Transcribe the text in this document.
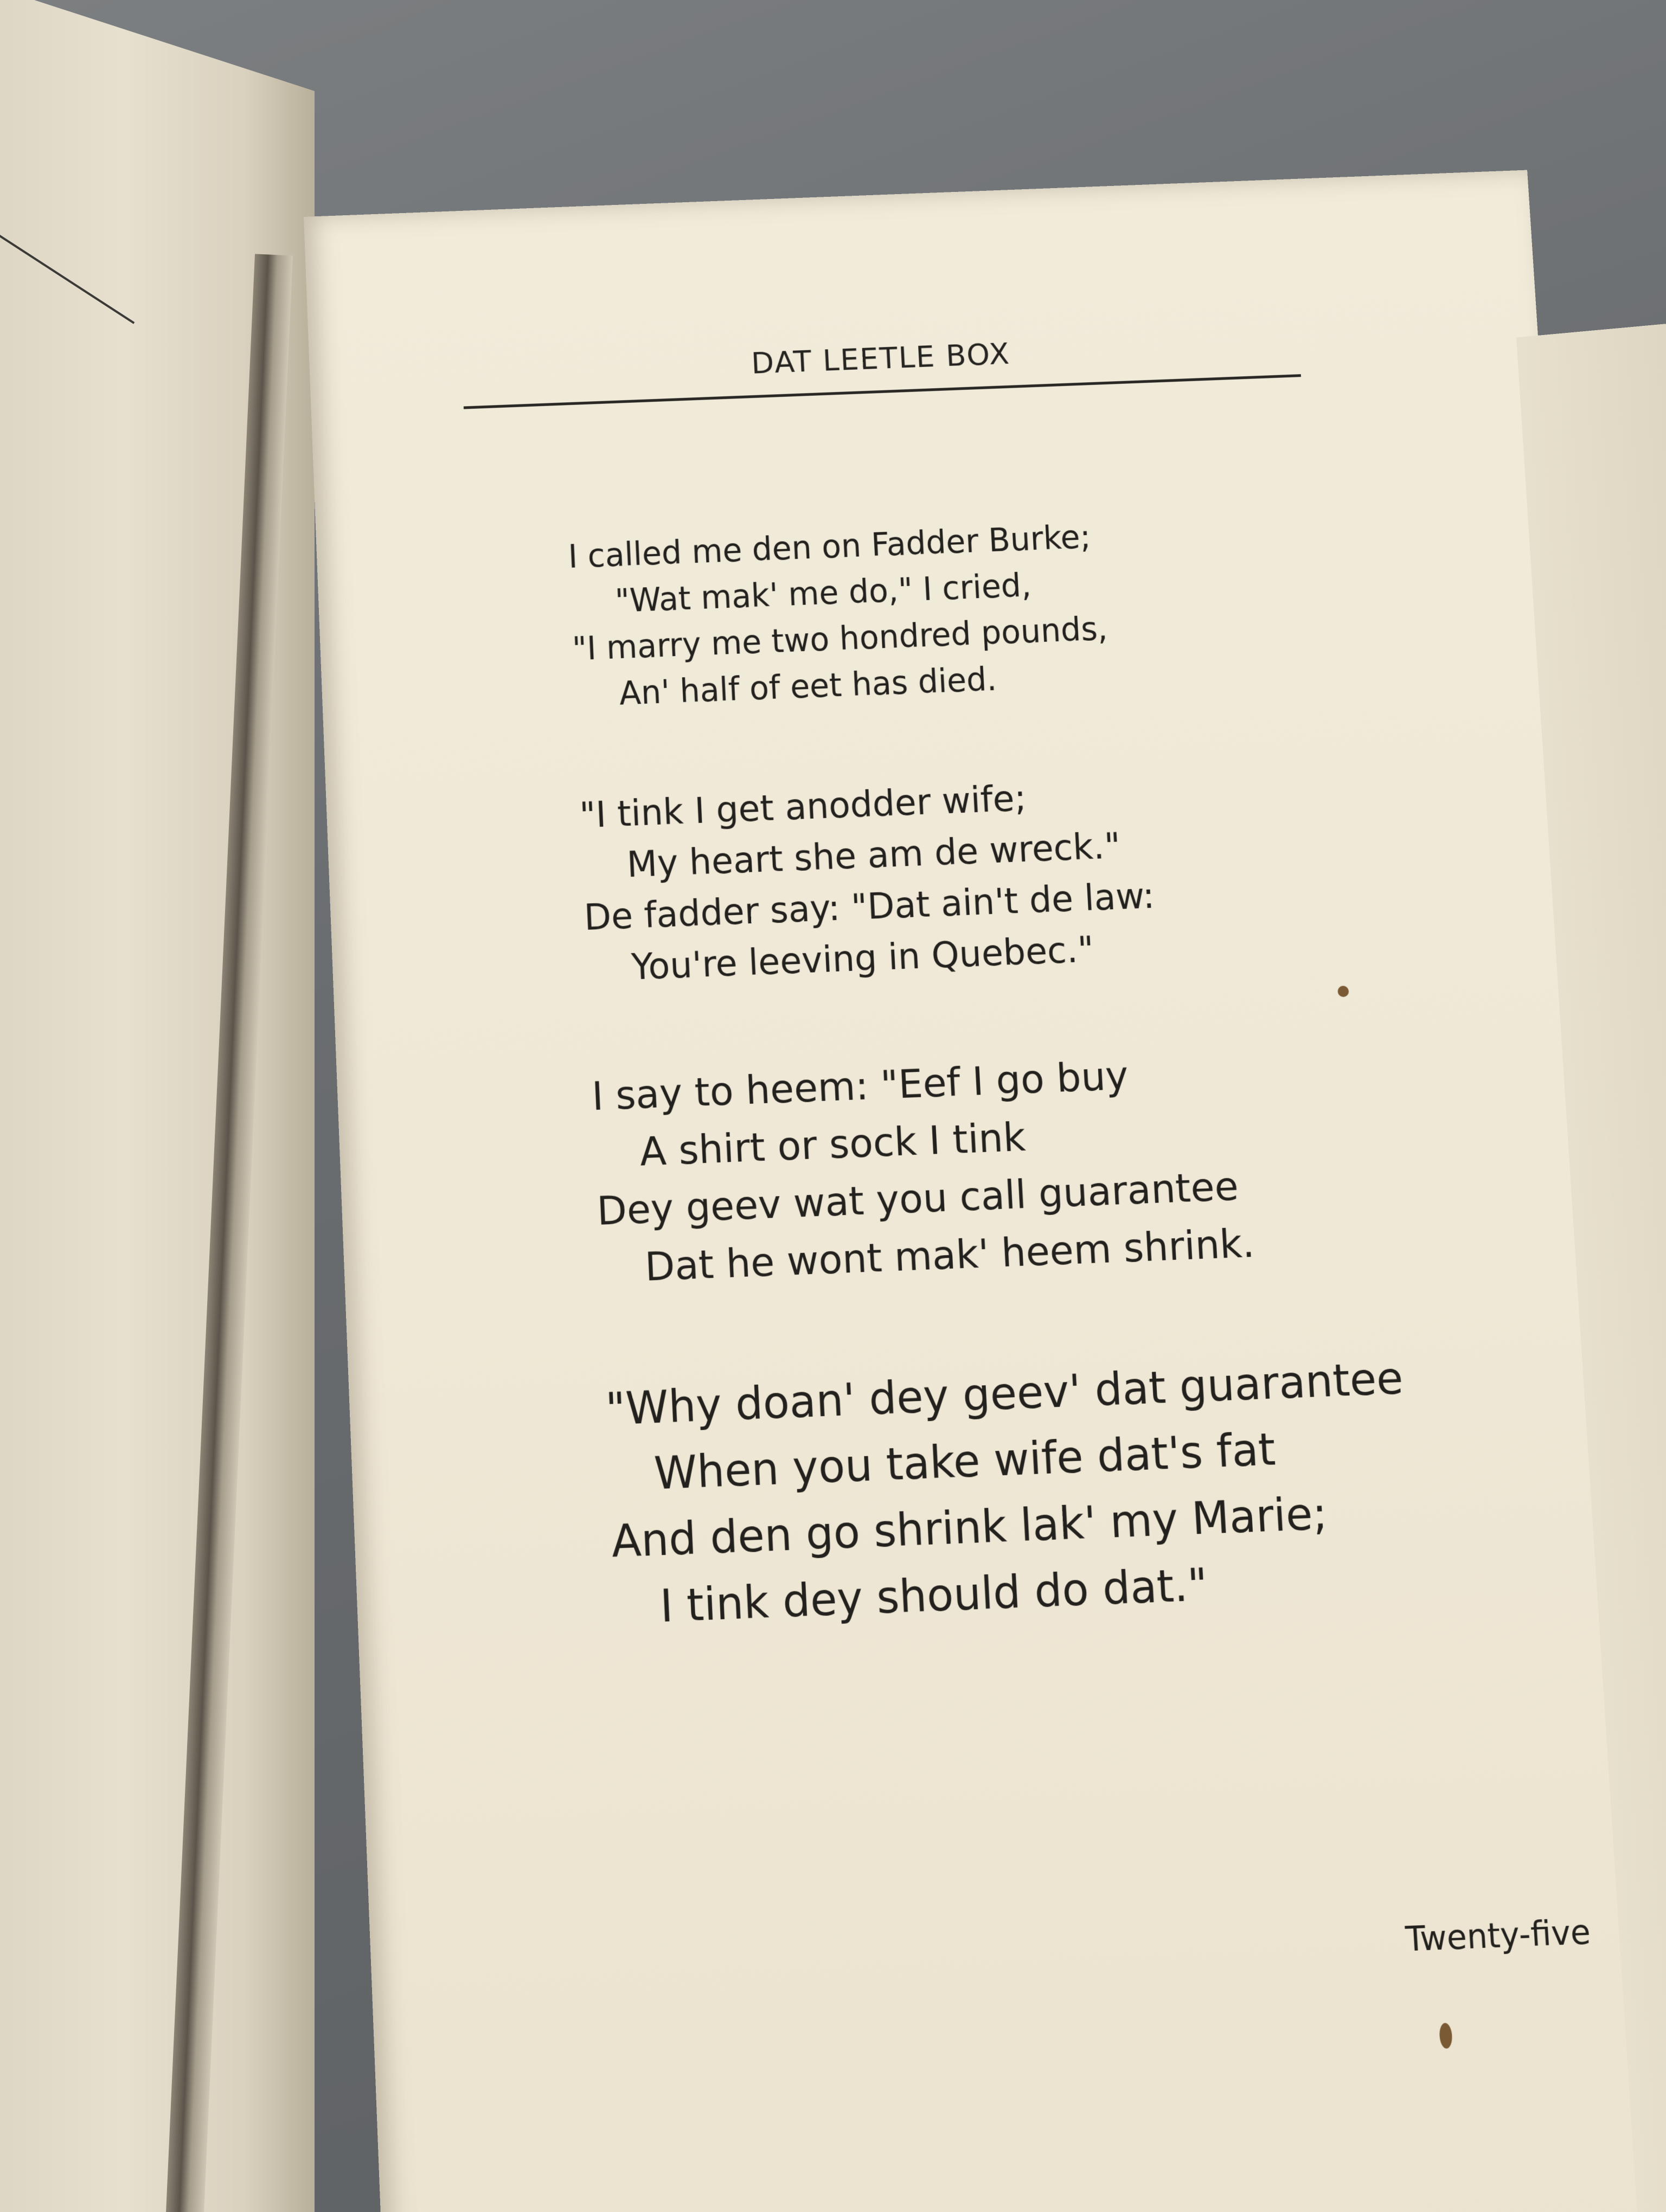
DAT LEETLE BOX
I called me den on Fadder Burke;
"Wat mak' me do," I cried,
"I marry me two hondred pounds,
An' half of eet has died.
"I tink I get anodder wife;
My heart she am de wreck."
De fadder say: "Dat ain't de law:
You're leeving in Quebec."
I say to heem: "Eef I go buy
A shirt or sock I tink
Dey geev wat you call guarantee
Dat he wont mak' heem shrink.
"Why doan' dey geev' dat guarantee
When you take wife dat's fat
And den go shrink lak' my Marie;
I tink dey should do dat."
Twenty-five
